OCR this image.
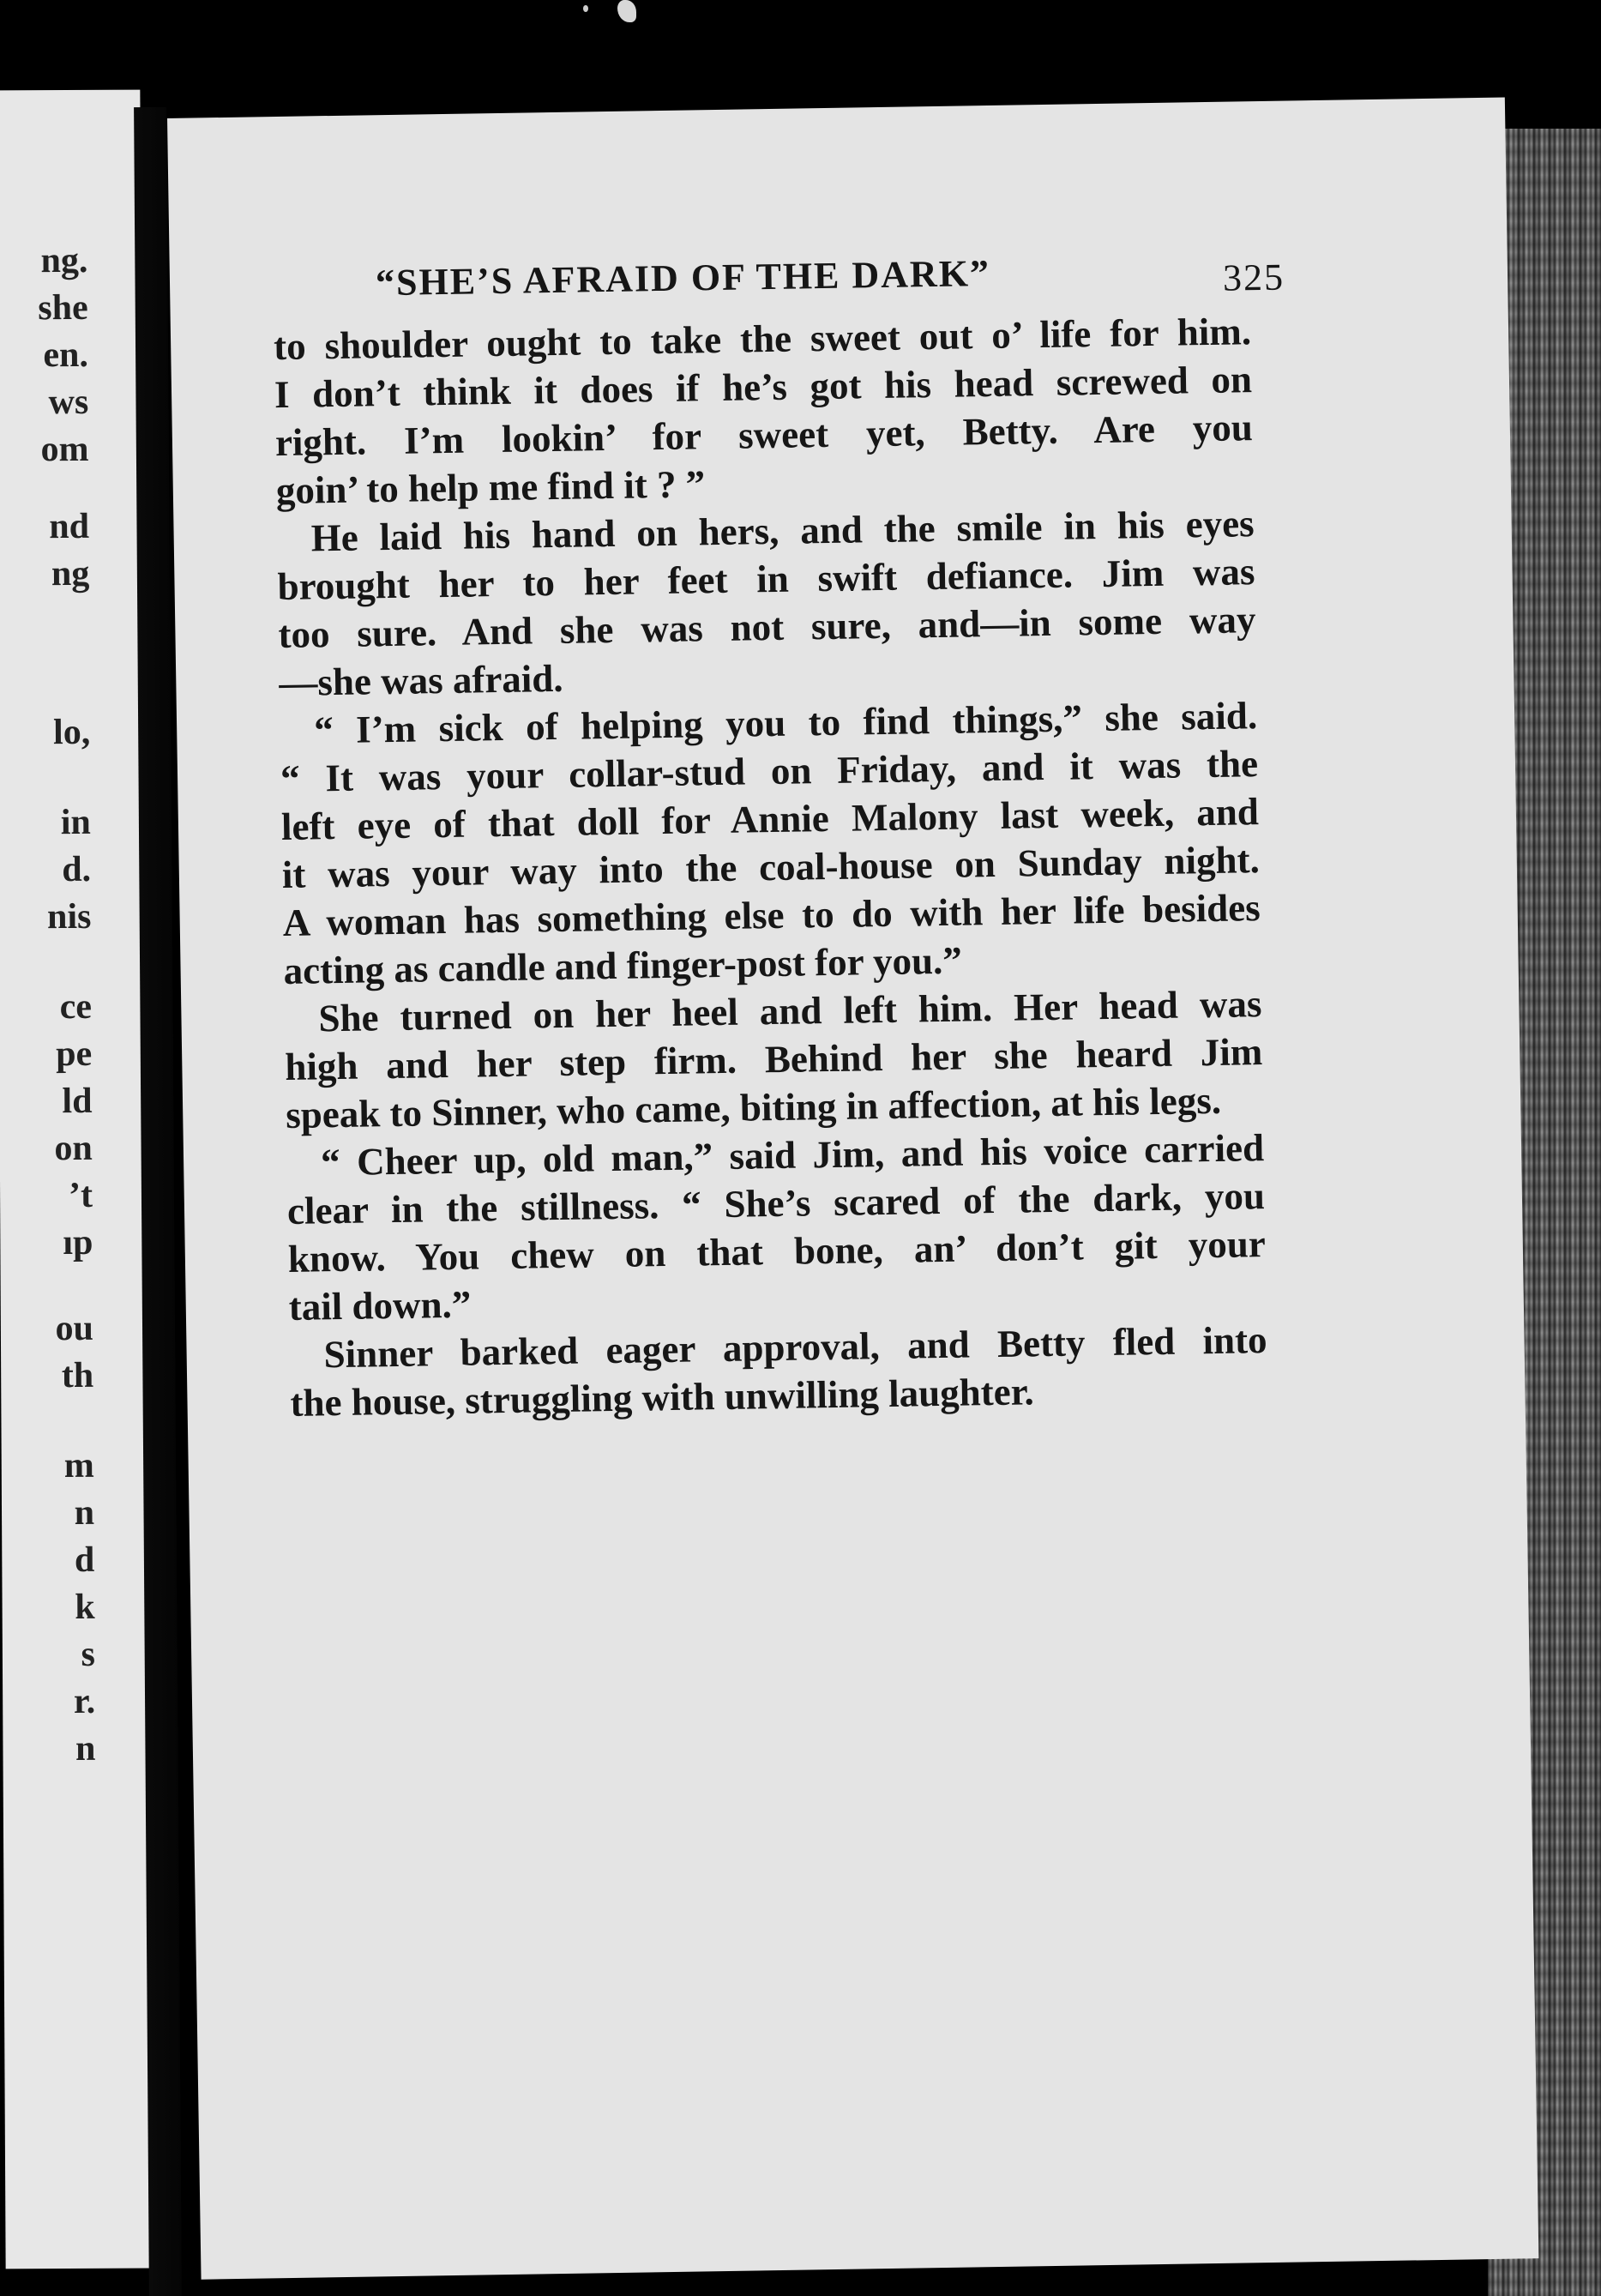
ng.
she
en.
ws
om
nd
ng
lo,
in
d.
nis
ce
pe
ld
on
’t
ıp
ou
th
m
n
d
k
s
r.
n
“SHE’S AFRAID OF THE DARK”	325

to shoulder ought to take the sweet out o’ life for him.
I don’t think it does if he’s got his head screwed on
right. I’m lookin’ for sweet yet, Betty. Are you
goin’ to help me find it ? ”

He laid his hand on hers, and the smile in his eyes
brought her to her feet in swift defiance. Jim was
too sure. And she was not sure, and—in some way
—she was afraid.

“ I’m sick of helping you to find things,” she said.
“ It was your collar-stud on Friday, and it was the
left eye of that doll for Annie Malony last week, and
it was your way into the coal-house on Sunday night.
A woman has something else to do with her life besides
acting as candle and finger-post for you.”

She turned on her heel and left him. Her head was
high and her step firm. Behind her she heard Jim
speak to Sinner, who came, biting in affection, at his legs.

“ Cheer up, old man,” said Jim, and his voice carried
clear in the stillness. “ She’s scared of the dark, you
know. You chew on that bone, an’ don’t git your
tail down.”

Sinner barked eager approval, and Betty fled into
the house, struggling with unwilling laughter.
